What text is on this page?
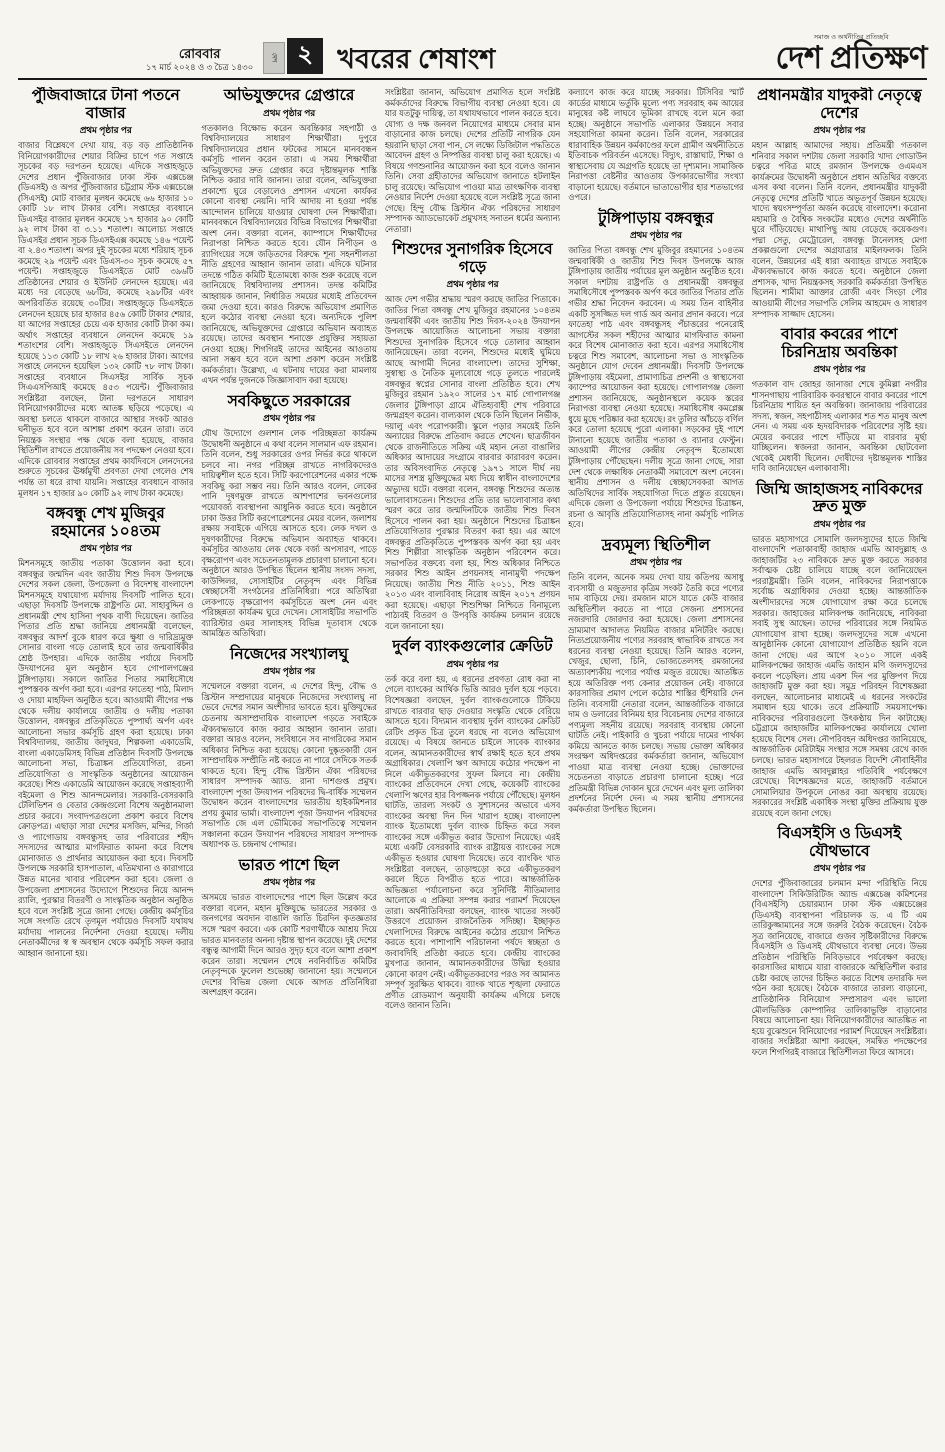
রোববার
১৭ মার্চ ২০২৪ ও ৩ চৈত্র ১৪৩০
দেশ ২ খবরের শেষাংশ
সমাজ ও অর্থনীতির প্রতিচ্ছবি
দেশ প্রতিক্ষণ
পুঁজিবাজারে টানা পতনে বাজার
প্রথম পৃষ্ঠার পর
বাজার বিশ্লেষণে দেখা যায়, বড় বড় প্রাতিষ্ঠানিক বিনিয়োগকারীদের শেয়ার বিক্রির চাপে গত সপ্তাহে সূচকের বড় দরপতন হয়েছে। এদিকে সপ্তাহজুড়ে দেশের প্রধান পুঁজিবাজার ঢাকা স্টক এক্সচেঞ্জ (ডিএসই) ও অপর পুঁজিবাজার চট্টগ্রাম স্টক এক্সচেঞ্জে (সিএসই) মোট বাজার মূলধন কমেছে ৬৬ হাজার ১০ কোটি ১৮ লাখ টাকার বেশি। সপ্তাহের ব্যবধানে ডিএসইর বাজার মূলধন কমেছে ১৭ হাজার ৯০ কোটি ৯২ লাখ টাকা বা ৩.১১ শতাংশ। আলোচ্য সপ্তাহে ডিএসইর প্রধান সূচক ডিএসইএক্স কমেছে ১৪৬ পয়েন্ট বা ২.৪৩ শতাংশ। অপর দুই সূচকের মধ্যে শরিয়াহ সূচক কমেছে ২৯ পয়েন্ট এবং ডিএস-৩০ সূচক কমেছে ৫৭ পয়েন্ট। সপ্তাহজুড়ে ডিএসইতে মোট ৩৯৬টি প্রতিষ্ঠানের শেয়ার ও ইউনিট লেনদেন হয়েছে। এর মধ্যে দর বেড়েছে ৬৮টির, কমেছে ২৯৮টির এবং অপরিবর্তিত রয়েছে ৩০টির। সপ্তাহজুড়ে ডিএসইতে লেনদেন হয়েছে চার হাজার ৪৫৬ কোটি টাকার শেয়ার, যা আগের সপ্তাহের চেয়ে এক হাজার কোটি টাকা কম। অর্থাৎ সপ্তাহের ব্যবধানে লেনদেন কমেছে ১৯ শতাংশের বেশি। সপ্তাহজুড়ে সিএসইতে লেনদেন হয়েছে ১১৩ কোটি ১৮ লাখ ২৬ হাজার টাকা। আগের সপ্তাহে লেনদেন হয়েছিল ১৩২ কোটি ৭৮ লাখ টাকা। সপ্তাহের ব্যবধানে সিএসইর সার্বিক সূচক সিএএসপিআই কমেছে ৪৫৩ পয়েন্ট। পুঁজিবাজার সংশ্লিষ্টরা বলছেন, টানা দরপতনে সাধারণ বিনিয়োগকারীদের মধ্যে আতঙ্ক ছড়িয়ে পড়েছে। এ অবস্থা চলতে থাকলে বাজারে আস্থার সংকট আরও ঘনীভূত হবে বলে আশঙ্কা প্রকাশ করেন তারা। তবে নিয়ন্ত্রক সংস্থার পক্ষ থেকে বলা হয়েছে, বাজার স্থিতিশীল রাখতে প্রয়োজনীয় সব পদক্ষেপ নেওয়া হবে। এদিকে রোববার সপ্তাহের প্রথম কার্যদিবসে লেনদেনের শুরুতে সূচকের ঊর্ধ্বমুখী প্রবণতা দেখা গেলেও শেষ পর্যন্ত তা ধরে রাখা যায়নি। সপ্তাহের ব্যবধানে বাজার মূলধন ১৭ হাজার ৯০ কোটি ৯২ লাখ টাকা কমেছে।
বঙ্গবন্ধু শেখ মুজিবুর রহমানের ১০৪তম
প্রথম পৃষ্ঠার পর
মিশনসমূহে জাতীয় পতাকা উত্তোলন করা হবে। বঙ্গবন্ধুর জন্মদিন এবং জাতীয় শিশু দিবস উপলক্ষে দেশের সকল জেলা, উপজেলা ও বিদেশস্থ বাংলাদেশ মিশনসমূহে যথাযোগ্য মর্যাদায় দিবসটি পালিত হবে। এছাড়া দিবসটি উপলক্ষে রাষ্ট্রপতি মো. সাহাবুদ্দিন ও প্রধানমন্ত্রী শেখ হাসিনা পৃথক বাণী দিয়েছেন। জাতির পিতার প্রতি শ্রদ্ধা জানিয়ে প্রধানমন্ত্রী বলেছেন, বঙ্গবন্ধুর আদর্শ বুকে ধারণ করে ক্ষুধা ও দারিদ্র্যমুক্ত সোনার বাংলা গড়ে তোলাই হবে তার জন্মবার্ষিকীর শ্রেষ্ঠ উপহার। এদিকে জাতীয় পর্যায়ে দিবসটি উদযাপনের মূল অনুষ্ঠান হবে গোপালগঞ্জের টুঙ্গিপাড়ায়। সকালে জাতির পিতার সমাধিসৌধে পুষ্পস্তবক অর্পণ করা হবে। এরপর ফাতেহা পাঠ, মিলাদ ও দোয়া মাহফিল অনুষ্ঠিত হবে। আওয়ামী লীগের পক্ষ থেকে দলীয় কার্যালয়ে জাতীয় ও দলীয় পতাকা উত্তোলন, বঙ্গবন্ধুর প্রতিকৃতিতে পুষ্পার্ঘ্য অর্পণ এবং আলোচনা সভার কর্মসূচি গ্রহণ করা হয়েছে। ঢাকা বিশ্ববিদ্যালয়, জাতীয় জাদুঘর, শিল্পকলা একাডেমি, বাংলা একাডেমিসহ বিভিন্ন প্রতিষ্ঠান দিবসটি উপলক্ষে আলোচনা সভা, চিত্রাঙ্কন প্রতিযোগিতা, রচনা প্রতিযোগিতা ও সাংস্কৃতিক অনুষ্ঠানের আয়োজন করেছে। শিশু একাডেমি আয়োজন করেছে সপ্তাহব্যাপী বইমেলা ও শিশু আনন্দমেলার। সরকারি-বেসরকারি টেলিভিশন ও বেতার কেন্দ্রগুলো বিশেষ অনুষ্ঠানমালা প্রচার করবে। সংবাদপত্রগুলো প্রকাশ করবে বিশেষ ক্রোড়পত্র। এছাড়া সারা দেশের মসজিদ, মন্দির, গির্জা ও প্যাগোডায় বঙ্গবন্ধুসহ তার পরিবারের শহীদ সদস্যদের আত্মার মাগফিরাত কামনা করে বিশেষ মোনাজাত ও প্রার্থনার আয়োজন করা হবে। দিবসটি উপলক্ষে সরকারি হাসপাতাল, এতিমখানা ও কারাগারে উন্নত মানের খাবার পরিবেশন করা হবে। জেলা ও উপজেলা প্রশাসনের উদ্যোগে শিশুদের নিয়ে আনন্দ র‌্যালি, পুরস্কার বিতরণী ও সাংস্কৃতিক অনুষ্ঠান অনুষ্ঠিত হবে বলে সংশ্লিষ্ট সূত্রে জানা গেছে। কেন্দ্রীয় কর্মসূচির সঙ্গে সংগতি রেখে তৃণমূল পর্যায়েও দিবসটি যথাযথ মর্যাদায় পালনের নির্দেশনা দেওয়া হয়েছে। দলীয় নেতাকর্মীদের স্ব স্ব অবস্থান থেকে কর্মসূচি সফল করার আহ্বান জানানো হয়।
অভিযুক্তদের গ্রেপ্তারে
প্রথম পৃষ্ঠার পর
গতকালও বিক্ষোভ করেন অবন্তিকার সহপাঠী ও বিশ্ববিদ্যালয়ের সাধারণ শিক্ষার্থীরা। দুপুরে বিশ্ববিদ্যালয়ের প্রধান ফটকের সামনে মানববন্ধন কর্মসূচি পালন করেন তারা। এ সময় শিক্ষার্থীরা অভিযুক্তদের দ্রুত গ্রেপ্তার করে দৃষ্টান্তমূলক শাস্তি নিশ্চিত করার দাবি জানান। তারা বলেন, অভিযুক্তরা প্রকাশ্যে ঘুরে বেড়ালেও প্রশাসন এখনো কার্যকর কোনো ব্যবস্থা নেয়নি। দাবি আদায় না হওয়া পর্যন্ত আন্দোলন চালিয়ে যাওয়ার ঘোষণা দেন শিক্ষার্থীরা। মানববন্ধনে বিশ্ববিদ্যালয়ের বিভিন্ন বিভাগের শিক্ষার্থীরা অংশ নেন। বক্তারা বলেন, ক্যাম্পাসে শিক্ষার্থীদের নিরাপত্তা নিশ্চিত করতে হবে। যৌন নিপীড়ন ও র‌্যাগিংয়ের সঙ্গে জড়িতদের বিরুদ্ধে শূন্য সহনশীলতা নীতি গ্রহণের আহ্বান জানান তারা। এদিকে ঘটনার তদন্তে গঠিত কমিটি ইতোমধ্যে কাজ শুরু করেছে বলে জানিয়েছে বিশ্ববিদ্যালয় প্রশাসন। তদন্ত কমিটির আহ্বায়ক জানান, নির্ধারিত সময়ের মধ্যেই প্রতিবেদন জমা দেওয়া হবে। কারও বিরুদ্ধে অভিযোগ প্রমাণিত হলে কঠোর ব্যবস্থা নেওয়া হবে। অন্যদিকে পুলিশ জানিয়েছে, অভিযুক্তদের গ্রেপ্তারে অভিযান অব্যাহত রয়েছে। তাদের অবস্থান শনাক্তে প্রযুক্তির সহায়তা নেওয়া হচ্ছে। শিগগিরই তাদের আইনের আওতায় আনা সম্ভব হবে বলে আশা প্রকাশ করেন সংশ্লিষ্ট কর্মকর্তারা। উল্লেখ্য, এ ঘটনায় দায়ের করা মামলায় এখন পর্যন্ত দুজনকে জিজ্ঞাসাবাদ করা হয়েছে।
সবকিছুতে সরকারের
প্রথম পৃষ্ঠার পর
যৌথ উদ্যোগে গুলশান লেক পরিচ্ছন্নতা কার্যক্রম উদ্বোধনী অনুষ্ঠানে এ কথা বলেন সালমান এফ রহমান। তিনি বলেন, শুধু সরকারের ওপর নির্ভর করে থাকলে চলবে না। নগর পরিচ্ছন্ন রাখতে নাগরিকদেরও দায়িত্বশীল হতে হবে। সিটি করপোরেশনের একার পক্ষে সবকিছু করা সম্ভব নয়। তিনি আরও বলেন, লেকের পানি দূষণমুক্ত রাখতে আশপাশের ভবনগুলোর পয়োবর্জ্য ব্যবস্থাপনা আধুনিক করতে হবে। অনুষ্ঠানে ঢাকা উত্তর সিটি করপোরেশনের মেয়র বলেন, জলাশয় রক্ষায় সবাইকে এগিয়ে আসতে হবে। লেক দখল ও দূষণকারীদের বিরুদ্ধে অভিযান অব্যাহত থাকবে। কর্মসূচির আওতায় লেক থেকে বর্জ্য অপসারণ, পাড়ে বৃক্ষরোপণ এবং সচেতনতামূলক প্রচারণা চালানো হবে। অনুষ্ঠানে আরও উপস্থিত ছিলেন স্থানীয় সংসদ সদস্য, কাউন্সিলর, সোসাইটির নেতৃবৃন্দ এবং বিভিন্ন স্বেচ্ছাসেবী সংগঠনের প্রতিনিধিরা। পরে অতিথিরা লেকপাড়ে বৃক্ষরোপণ কর্মসূচিতে অংশ নেন এবং পরিচ্ছন্নতা কার্যক্রম ঘুরে দেখেন। সোসাইটির সভাপতি ব্যারিস্টার ওমর সালাহসহ বিভিন্ন দূতাবাস থেকে আমন্ত্রিত অতিথিরা।
নিজেদের সংখ্যালঘু
প্রথম পৃষ্ঠার পর
সম্মেলনে বক্তারা বলেন, এ দেশের হিন্দু, বৌদ্ধ ও খ্রিস্টান সম্প্রদায়ের মানুষকে নিজেদের সংখ্যালঘু না ভেবে দেশের সমান অংশীদার ভাবতে হবে। মুক্তিযুদ্ধের চেতনায় অসাম্প্রদায়িক বাংলাদেশ গড়তে সবাইকে ঐক্যবদ্ধভাবে কাজ করার আহ্বান জানান তারা। বক্তারা আরও বলেন, সংবিধানে সব নাগরিকের সমান অধিকার নিশ্চিত করা হয়েছে। কোনো দুষ্কৃতকারী যেন সাম্প্রদায়িক সম্প্রীতি নষ্ট করতে না পারে সেদিকে সতর্ক থাকতে হবে। হিন্দু বৌদ্ধ খ্রিস্টান ঐক্য পরিষদের সাধারণ সম্পাদক অ্যাড. রানা দাশগুপ্ত প্রমুখ। বাংলাদেশ পূজা উদযাপন পরিষদের দ্বি-বার্ষিক সম্মেলন উদ্বোধন করেন বাংলাদেশের ভারতীয় হাইকমিশনার প্রণয় কুমার ভার্মা। বাংলাদেশ পূজা উদযাপন পরিষদের সভাপতি জে এল ভৌমিকের সভাপতিত্বে সম্মেলন সঞ্চালনা করেন উদযাপন পরিষদের সাধারণ সম্পাদক অধ্যাপক ড. চন্দ্রনাথ পোদ্দার।
ভারত পাশে ছিল
প্রথম পৃষ্ঠার পর
অসময়ে ভারত বাংলাদেশের পাশে ছিল উল্লেখ করে বক্তারা বলেন, মহান মুক্তিযুদ্ধে ভারতের সরকার ও জনগণের অবদান বাঙালি জাতি চিরদিন কৃতজ্ঞতার সঙ্গে স্মরণ করবে। এক কোটি শরণার্থীকে আশ্রয় দিয়ে ভারত মানবতার অনন্য দৃষ্টান্ত স্থাপন করেছে। দুই দেশের বন্ধুত্ব আগামী দিনে আরও সুদৃঢ় হবে বলে আশা প্রকাশ করেন তারা। সম্মেলন শেষে নবনির্বাচিত কমিটির নেতৃবৃন্দকে ফুলেল শুভেচ্ছা জানানো হয়। সম্মেলনে দেশের বিভিন্ন জেলা থেকে আগত প্রতিনিধিরা অংশগ্রহণ করেন।
সংশ্লিষ্টরা জানান, অভিযোগ প্রমাণিত হলে সংশ্লিষ্ট কর্মকর্তাদের বিরুদ্ধে বিভাগীয় ব্যবস্থা নেওয়া হবে। যে যার যতটুকু দায়িত্ব, তা যথাযথভাবে পালন করতে হবে। যোগ্য ও দক্ষ জনবল নিয়োগের মাধ্যমে সেবার মান বাড়ানোর কাজ চলছে। দেশের প্রতিটি নাগরিক যেন হয়রানি ছাড়া সেবা পান, সে লক্ষ্যে ডিজিটাল পদ্ধতিতে আবেদন গ্রহণ ও নিষ্পত্তির ব্যবস্থা চালু করা হয়েছে। এ বিষয়ে গণশুনানির আয়োজন করা হবে বলেও জানান তিনি। সেবা গ্রহীতাদের অভিযোগ জানাতে হটলাইন চালু রয়েছে। অভিযোগ পাওয়া মাত্র তাৎক্ষণিক ব্যবস্থা নেওয়ার নির্দেশ দেওয়া হয়েছে বলে সংশ্লিষ্ট সূত্রে জানা গেছে। হিন্দু বৌদ্ধ খ্রিস্টান ঐক্য পরিষদের সাধারণ সম্পাদক অ্যাডভোকেট প্রমুখসহ সনাতন ধর্মের অন্যান্য নেতারা।
শিশুদের সুনাগরিক হিসেবে গড়ে
প্রথম পৃষ্ঠার পর
আজ দেশ গভীর শ্রদ্ধায় স্মরণ করছে জাতির পিতাকে। জাতির পিতা বঙ্গবন্ধু শেখ মুজিবুর রহমানের ১০৪তম জন্মবার্ষিকী এবং জাতীয় শিশু দিবস-২০২৪ উদযাপন উপলক্ষে আয়োজিত আলোচনা সভায় বক্তারা শিশুদের সুনাগরিক হিসেবে গড়ে তোলার আহ্বান জানিয়েছেন। তারা বলেন, শিশুদের মধ্যেই ঘুমিয়ে আছে আগামী দিনের বাংলাদেশ। তাদের সুশিক্ষা, সুস্বাস্থ্য ও নৈতিক মূল্যবোধে গড়ে তুলতে পারলেই বঙ্গবন্ধুর স্বপ্নের সোনার বাংলা প্রতিষ্ঠিত হবে। শেখ মুজিবুর রহমান ১৯২০ সালের ১৭ মার্চ গোপালগঞ্জ জেলার টুঙ্গিপাড়া গ্রামে ঐতিহ্যবাহী শেখ পরিবারে জন্মগ্রহণ করেন। বাল্যকাল থেকে তিনি ছিলেন নির্ভীক, দয়ালু এবং পরোপকারী। স্কুলে পড়ার সময়েই তিনি অন্যায়ের বিরুদ্ধে প্রতিবাদ করতে শেখেন। ছাত্রজীবন থেকে রাজনীতিতে সক্রিয় এই মহান নেতা বাঙালির অধিকার আদায়ের সংগ্রামে বারবার কারাবরণ করেন। তার অবিসংবাদিত নেতৃত্বে ১৯৭১ সালে দীর্ঘ নয় মাসের সশস্ত্র মুক্তিযুদ্ধের মধ্য দিয়ে স্বাধীন বাংলাদেশের অভ্যুদয় ঘটে। বক্তারা বলেন, বঙ্গবন্ধু শিশুদের অত্যন্ত ভালোবাসতেন। শিশুদের প্রতি তার ভালোবাসার কথা স্মরণ করে তার জন্মদিনটিকে জাতীয় শিশু দিবস হিসেবে পালন করা হয়। অনুষ্ঠানে শিশুদের চিত্রাঙ্কন প্রতিযোগিতার পুরস্কার বিতরণ করা হয়। এর আগে বঙ্গবন্ধুর প্রতিকৃতিতে পুষ্পস্তবক অর্পণ করা হয় এবং শিশু শিল্পীরা সাংস্কৃতিক অনুষ্ঠান পরিবেশন করে। সভাপতির বক্তব্যে বলা হয়, শিশু অধিকার নিশ্চিতে সরকার শিশু আইন প্রণয়নসহ নানামুখী পদক্ষেপ নিয়েছে। জাতীয় শিশু নীতি ২০১১, শিশু আইন ২০১৩ এবং বাল্যবিবাহ নিরোধ আইন ২০১৭ প্রণয়ন করা হয়েছে। এছাড়া শিশুশিক্ষা নিশ্চিতে বিনামূল্যে পাঠ্যবই বিতরণ ও উপবৃত্তি কার্যক্রম চলমান রয়েছে বলে জানানো হয়।
দুর্বল ব্যাংকগুলোর ক্রেডিট
প্রথম পৃষ্ঠার পর
তর্ক করে বলা হয়, এ ধরনের প্রবণতা রোধ করা না গেলে ব্যাংকের আর্থিক ভিত্তি আরও দুর্বল হয়ে পড়বে। বিশেষজ্ঞরা বলছেন, দুর্বল ব্যাংকগুলোকে টিকিয়ে রাখতে বারবার ছাড় দেওয়ার সংস্কৃতি থেকে বেরিয়ে আসতে হবে। বিদ্যমান ব্যবস্থায় দুর্বল ব্যাংকের ক্রেডিট রেটিং প্রকৃত চিত্র তুলে ধরছে না বলেও অভিযোগ রয়েছে। এ বিষয়ে জানতে চাইলে সাবেক ব্যাংকার বলেন, আমানতকারীদের স্বার্থ রক্ষাই হতে হবে প্রথম অগ্রাধিকার। খেলাপি ঋণ আদায়ে কঠোর পদক্ষেপ না নিলে একীভূতকরণের সুফল মিলবে না। কেন্দ্রীয় ব্যাংকের প্রতিবেদনে দেখা গেছে, কয়েকটি ব্যাংকের খেলাপি ঋণের হার বিপজ্জনক পর্যায়ে পৌঁছেছে। মূলধন ঘাটতি, তারল্য সংকট ও সুশাসনের অভাবে এসব ব্যাংকের অবস্থা দিন দিন খারাপ হচ্ছে। বাংলাদেশ ব্যাংক ইতোমধ্যে দুর্বল ব্যাংক চিহ্নিত করে সবল ব্যাংকের সঙ্গে একীভূত করার উদ্যোগ নিয়েছে। এরই মধ্যে একটি বেসরকারি ব্যাংক রাষ্ট্রায়ত্ত ব্যাংকের সঙ্গে একীভূত হওয়ার ঘোষণা দিয়েছে। তবে ব্যাংকিং খাত সংশ্লিষ্টরা বলছেন, তাড়াহুড়ো করে একীভূতকরণ করলে হিতে বিপরীত হতে পারে। আন্তর্জাতিক অভিজ্ঞতা পর্যালোচনা করে সুনির্দিষ্ট নীতিমালার আলোকে এ প্রক্রিয়া সম্পন্ন করার পরামর্শ দিয়েছেন তারা। অর্থনীতিবিদরা বলছেন, ব্যাংক খাতের সংকট উত্তরণে প্রয়োজন রাজনৈতিক সদিচ্ছা। ইচ্ছাকৃত খেলাপিদের বিরুদ্ধে আইনের কঠোর প্রয়োগ নিশ্চিত করতে হবে। পাশাপাশি পরিচালনা পর্ষদে স্বচ্ছতা ও জবাবদিহি প্রতিষ্ঠা করতে হবে। কেন্দ্রীয় ব্যাংকের মুখপাত্র জানান, আমানতকারীদের উদ্বিগ্ন হওয়ার কোনো কারণ নেই। একীভূতকরণের পরও সব আমানত সম্পূর্ণ সুরক্ষিত থাকবে। ব্যাংক খাতে শৃঙ্খলা ফেরাতে প্রণীত রোডম্যাপ অনুযায়ী কার্যক্রম এগিয়ে চলছে বলেও জানান তিনি।
কল্যাণে কাজ করে যাচ্ছে সরকার। টিসিবির স্মার্ট কার্ডের মাধ্যমে ভর্তুকি মূল্যে পণ্য সরবরাহ কম আয়ের মানুষের কষ্ট লাঘবে ভূমিকা রাখছে বলে মনে করা হচ্ছে। অনুষ্ঠানে সভাপতি এলাকার উন্নয়নে সবার সহযোগিতা কামনা করেন। তিনি বলেন, সরকারের ধারাবাহিক উন্নয়ন কর্মকাণ্ডের ফলে গ্রামীণ অর্থনীতিতে ইতিবাচক পরিবর্তন এসেছে। বিদ্যুৎ, রাস্তাঘাট, শিক্ষা ও স্বাস্থ্যসেবায় যে অগ্রগতি হয়েছে তা দৃশ্যমান। সামাজিক নিরাপত্তা বেষ্টনীর আওতায় উপকারভোগীর সংখ্যা বাড়ানো হয়েছে। বর্তমানে ভাতাভোগীর হার শতভাগের ওপরে।
টুঙ্গিপাড়ায় বঙ্গবন্ধুর
প্রথম পৃষ্ঠার পর
জাতির পিতা বঙ্গবন্ধু শেখ মুজিবুর রহমানের ১০৪তম জন্মবার্ষিকী ও জাতীয় শিশু দিবস উপলক্ষে আজ টুঙ্গিপাড়ায় জাতীয় পর্যায়ের মূল অনুষ্ঠান অনুষ্ঠিত হবে। সকাল দশটায় রাষ্ট্রপতি ও প্রধানমন্ত্রী বঙ্গবন্ধুর সমাধিসৌধে পুষ্পস্তবক অর্পণ করে জাতির পিতার প্রতি গভীর শ্রদ্ধা নিবেদন করবেন। এ সময় তিন বাহিনীর একটি সুসজ্জিত দল গার্ড অব অনার প্রদান করবে। পরে ফাতেহা পাঠ এবং বঙ্গবন্ধুসহ পঁচাত্তরের পনেরোই আগস্টের সকল শহীদের আত্মার মাগফিরাত কামনা করে বিশেষ মোনাজাত করা হবে। এরপর সমাধিসৌধ চত্বরে শিশু সমাবেশ, আলোচনা সভা ও সাংস্কৃতিক অনুষ্ঠানে যোগ দেবেন প্রধানমন্ত্রী। দিবসটি উপলক্ষে টুঙ্গিপাড়ায় বইমেলা, প্রামাণ্যচিত্র প্রদর্শনী ও স্বাস্থ্যসেবা ক্যাম্পের আয়োজন করা হয়েছে। গোপালগঞ্জ জেলা প্রশাসন জানিয়েছে, অনুষ্ঠানস্থলে কয়েক স্তরের নিরাপত্তা ব্যবস্থা নেওয়া হয়েছে। সমাধিসৌধ কমপ্লেক্স ধুয়ে মুছে পরিষ্কার করা হয়েছে। রং তুলির আঁচড়ে বর্ণিল করে তোলা হয়েছে পুরো এলাকা। সড়কের দুই পাশে টানানো হয়েছে জাতীয় পতাকা ও ব্যানার ফেস্টুন। আওয়ামী লীগের কেন্দ্রীয় নেতৃবৃন্দ ইতোমধ্যে টুঙ্গিপাড়ায় পৌঁছেছেন। দলীয় সূত্রে জানা গেছে, সারা দেশ থেকে লক্ষাধিক নেতাকর্মী সমাবেশে অংশ নেবেন। স্থানীয় প্রশাসন ও দলীয় স্বেচ্ছাসেবকরা আগত অতিথিদের সার্বিক সহযোগিতা দিতে প্রস্তুত রয়েছেন। এদিকে জেলা ও উপজেলা পর্যায়ে শিশুদের চিত্রাঙ্কন, রচনা ও আবৃত্তি প্রতিযোগিতাসহ নানা কর্মসূচি পালিত হবে।
দ্রব্যমূল্য স্থিতিশীল
প্রথম পৃষ্ঠার পর
তিনি বলেন, অনেক সময় দেখা যায় কতিপয় অসাধু ব্যবসায়ী ও মজুতদার কৃত্রিম সংকট তৈরি করে পণ্যের দাম বাড়িয়ে দেয়। রমজান মাসে যাতে কেউ বাজার অস্থিতিশীল করতে না পারে সেজন্য প্রশাসনের নজরদারি জোরদার করা হয়েছে। জেলা প্রশাসনের ভ্রাম্যমাণ আদালত নিয়মিত বাজার মনিটরিং করছে। নিত্যপ্রয়োজনীয় পণ্যের সরবরাহ স্বাভাবিক রাখতে সব ধরনের ব্যবস্থা নেওয়া হয়েছে। তিনি আরও বলেন, খেজুর, ছোলা, চিনি, ভোজ্যতেলসহ রমজানের অত্যাবশ্যকীয় পণ্যের পর্যাপ্ত মজুত রয়েছে। আতঙ্কিত হয়ে অতিরিক্ত পণ্য কেনার প্রয়োজন নেই। বাজারে কারসাজির প্রমাণ পেলে কঠোর শাস্তির হুঁশিয়ারি দেন তিনি। ব্যবসায়ী নেতারা বলেন, আন্তর্জাতিক বাজারে দাম ও ডলারের বিনিময় হার বিবেচনায় দেশের বাজারে পণ্যমূল্য সহনীয় রয়েছে। সরবরাহ ব্যবস্থায় কোনো ঘাটতি নেই। পাইকারি ও খুচরা পর্যায়ে দামের পার্থক্য কমিয়ে আনতে কাজ চলছে। সভায় ভোক্তা অধিকার সংরক্ষণ অধিদপ্তরের কর্মকর্তারা জানান, অভিযোগ পাওয়া মাত্র ব্যবস্থা নেওয়া হচ্ছে। ভোক্তাদের সচেতনতা বাড়াতে প্রচারণা চালানো হচ্ছে। পরে প্রতিমন্ত্রী বিভিন্ন দোকান ঘুরে দেখেন এবং মূল্য তালিকা প্রদর্শনের নির্দেশ দেন। এ সময় স্থানীয় প্রশাসনের কর্মকর্তারা উপস্থিত ছিলেন।
প্রধানমন্ত্রীর যাদুকরী নেতৃত্বে দেশের
প্রথম পৃষ্ঠার পর
মহান আল্লাহ আমাদের সহায়। প্রতিমন্ত্রী গতকাল শনিবার সকাল দশটায় জেলা সরকারি খাদ্য গোডাউন চত্বরে পবিত্র মাহে রমজান উপলক্ষে ওএমএস কার্যক্রমের উদ্বোধনী অনুষ্ঠানে প্রধান অতিথির বক্তব্যে এসব কথা বলেন। তিনি বলেন, প্রধানমন্ত্রীর যাদুকরী নেতৃত্বে দেশের প্রতিটি খাতে অভূতপূর্ব উন্নয়ন হয়েছে। খাদ্যে স্বয়ংসম্পূর্ণতা অর্জন করেছে বাংলাদেশ। করোনা মহামারি ও বৈশ্বিক সংকটের মধ্যেও দেশের অর্থনীতি ঘুরে দাঁড়িয়েছে। মাথাপিছু আয় বেড়েছে কয়েকগুণ। পদ্মা সেতু, মেট্রোরেল, বঙ্গবন্ধু টানেলসহ মেগা প্রকল্পগুলো দেশের অগ্রযাত্রার মাইলফলক। তিনি বলেন, উন্নয়নের এই ধারা অব্যাহত রাখতে সবাইকে ঐক্যবদ্ধভাবে কাজ করতে হবে। অনুষ্ঠানে জেলা প্রশাসক, খাদ্য নিয়ন্ত্রকসহ সরকারি কর্মকর্তারা উপস্থিত ছিলেন। শামীমা আক্তার রোজী এবং সিংড়া পৌর আওয়ামী লীগের সভাপতি সেলিম আহমেদ ও সাধারণ সম্পাদক সাজ্জাদ হোসেন।
বাবার কবরের পাশে চিরনিদ্রায় অবন্তিকা
প্রথম পৃষ্ঠার পর
গতকাল বাদ জোহর জানাজা শেষে কুমিল্লা নগরীর শাসনগাছায় পারিবারিক কবরস্থানে বাবার কবরের পাশে চিরনিদ্রায় শায়িত হন অবন্তিকা। জানাজায় পরিবারের সদস্য, স্বজন, সহপাঠীসহ এলাকার শত শত মানুষ অংশ নেন। এ সময় এক হৃদয়বিদারক পরিবেশের সৃষ্টি হয়। মেয়ের কবরের পাশে দাঁড়িয়ে মা বারবার মূর্ছা যাচ্ছিলেন। স্বজনরা জানান, অবন্তিকা ছোটবেলা থেকেই মেধাবী ছিলেন। দোষীদের দৃষ্টান্তমূলক শাস্তির দাবি জানিয়েছেন এলাকাবাসী।
জিম্মি জাহাজসহ নাবিকদের দ্রুত মুক্ত
প্রথম পৃষ্ঠার পর
ভারত মহাসাগরে সোমালি জলদস্যুদের হাতে জিম্মি বাংলাদেশি পতাকাবাহী জাহাজ এমভি আবদুল্লাহ ও জাহাজটির ২৩ নাবিককে দ্রুত মুক্ত করতে সরকার সর্বাত্মক চেষ্টা চালিয়ে যাচ্ছে বলে জানিয়েছেন পররাষ্ট্রমন্ত্রী। তিনি বলেন, নাবিকদের নিরাপত্তাকে সর্বোচ্চ অগ্রাধিকার দেওয়া হচ্ছে। আন্তর্জাতিক অংশীদারদের সঙ্গে যোগাযোগ রক্ষা করে চলেছে সরকার। জাহাজের মালিকপক্ষ জানিয়েছে, নাবিকরা সবাই সুস্থ আছেন। তাদের পরিবারের সঙ্গে নিয়মিত যোগাযোগ রাখা হচ্ছে। জলদস্যুদের সঙ্গে এখনো আনুষ্ঠানিক কোনো যোগাযোগ প্রতিষ্ঠিত হয়নি বলে জানা গেছে। এর আগে ২০১০ সালে একই মালিকপক্ষের জাহাজ এমভি জাহান মণি জলদস্যুদের কবলে পড়েছিল। প্রায় একশ দিন পর মুক্তিপণ দিয়ে জাহাজটি মুক্ত করা হয়। সমুদ্র পরিবহন বিশেষজ্ঞরা বলছেন, আলোচনার মাধ্যমেই এ ধরনের সংকটের সমাধান হয়ে থাকে। তবে প্রক্রিয়াটি সময়সাপেক্ষ। নাবিকদের পরিবারগুলো উৎকণ্ঠায় দিন কাটাচ্ছে। চট্টগ্রামে জাহাজটির মালিকপক্ষের কার্যালয়ে খোলা হয়েছে বিশেষ সেল। নৌপরিবহন অধিদপ্তর জানিয়েছে, আন্তর্জাতিক মেরিটাইম সংস্থার সঙ্গে সমন্বয় রেখে কাজ চলছে। ভারত মহাসাগরে টহলরত বিদেশি নৌবাহিনীর জাহাজ এমভি আবদুল্লাহর গতিবিধি পর্যবেক্ষণে রেখেছে। বিশেষজ্ঞদের মতে, জাহাজটি বর্তমানে সোমালিয়ার উপকূলে নোঙর করা অবস্থায় রয়েছে। সরকারের সংশ্লিষ্ট একাধিক সংস্থা মুক্তির প্রক্রিয়ায় যুক্ত রয়েছে বলে জানা গেছে।
বিএসইসি ও ডিএসই যৌথভাবে
প্রথম পৃষ্ঠার পর
দেশের পুঁজিবাজারের চলমান মন্দা পরিস্থিতি নিয়ে বাংলাদেশ সিকিউরিটিজ অ্যান্ড এক্সচেঞ্জ কমিশনের (বিএসইসি) চেয়ারম্যান ঢাকা স্টক এক্সচেঞ্জের (ডিএসই) ব্যবস্থাপনা পরিচালক ড. এ টি এম তারিকুজ্জামানের সঙ্গে জরুরি বৈঠক করেছেন। বৈঠক সূত্র জানিয়েছে, বাজারে গুজব সৃষ্টিকারীদের বিরুদ্ধে বিএসইসি ও ডিএসই যৌথভাবে ব্যবস্থা নেবে। উভয় প্রতিষ্ঠান পরিস্থিতি নিবিড়ভাবে পর্যবেক্ষণ করছে। কারসাজির মাধ্যমে যারা বাজারকে অস্থিতিশীল করার চেষ্টা করছে তাদের চিহ্নিত করতে বিশেষ তদারকি দল গঠন করা হয়েছে। বৈঠকে বাজারে তারল্য বাড়ানো, প্রাতিষ্ঠানিক বিনিয়োগ সম্প্রসারণ এবং ভালো মৌলভিত্তিক কোম্পানির তালিকাভুক্তি বাড়ানোর বিষয়ে আলোচনা হয়। বিনিয়োগকারীদের আতঙ্কিত না হয়ে বুঝেশুনে বিনিয়োগের পরামর্শ দিয়েছেন সংশ্লিষ্টরা। বাজার সংশ্লিষ্টরা আশা করছেন, সমন্বিত পদক্ষেপের ফলে শিগগিরই বাজারে স্থিতিশীলতা ফিরে আসবে।
